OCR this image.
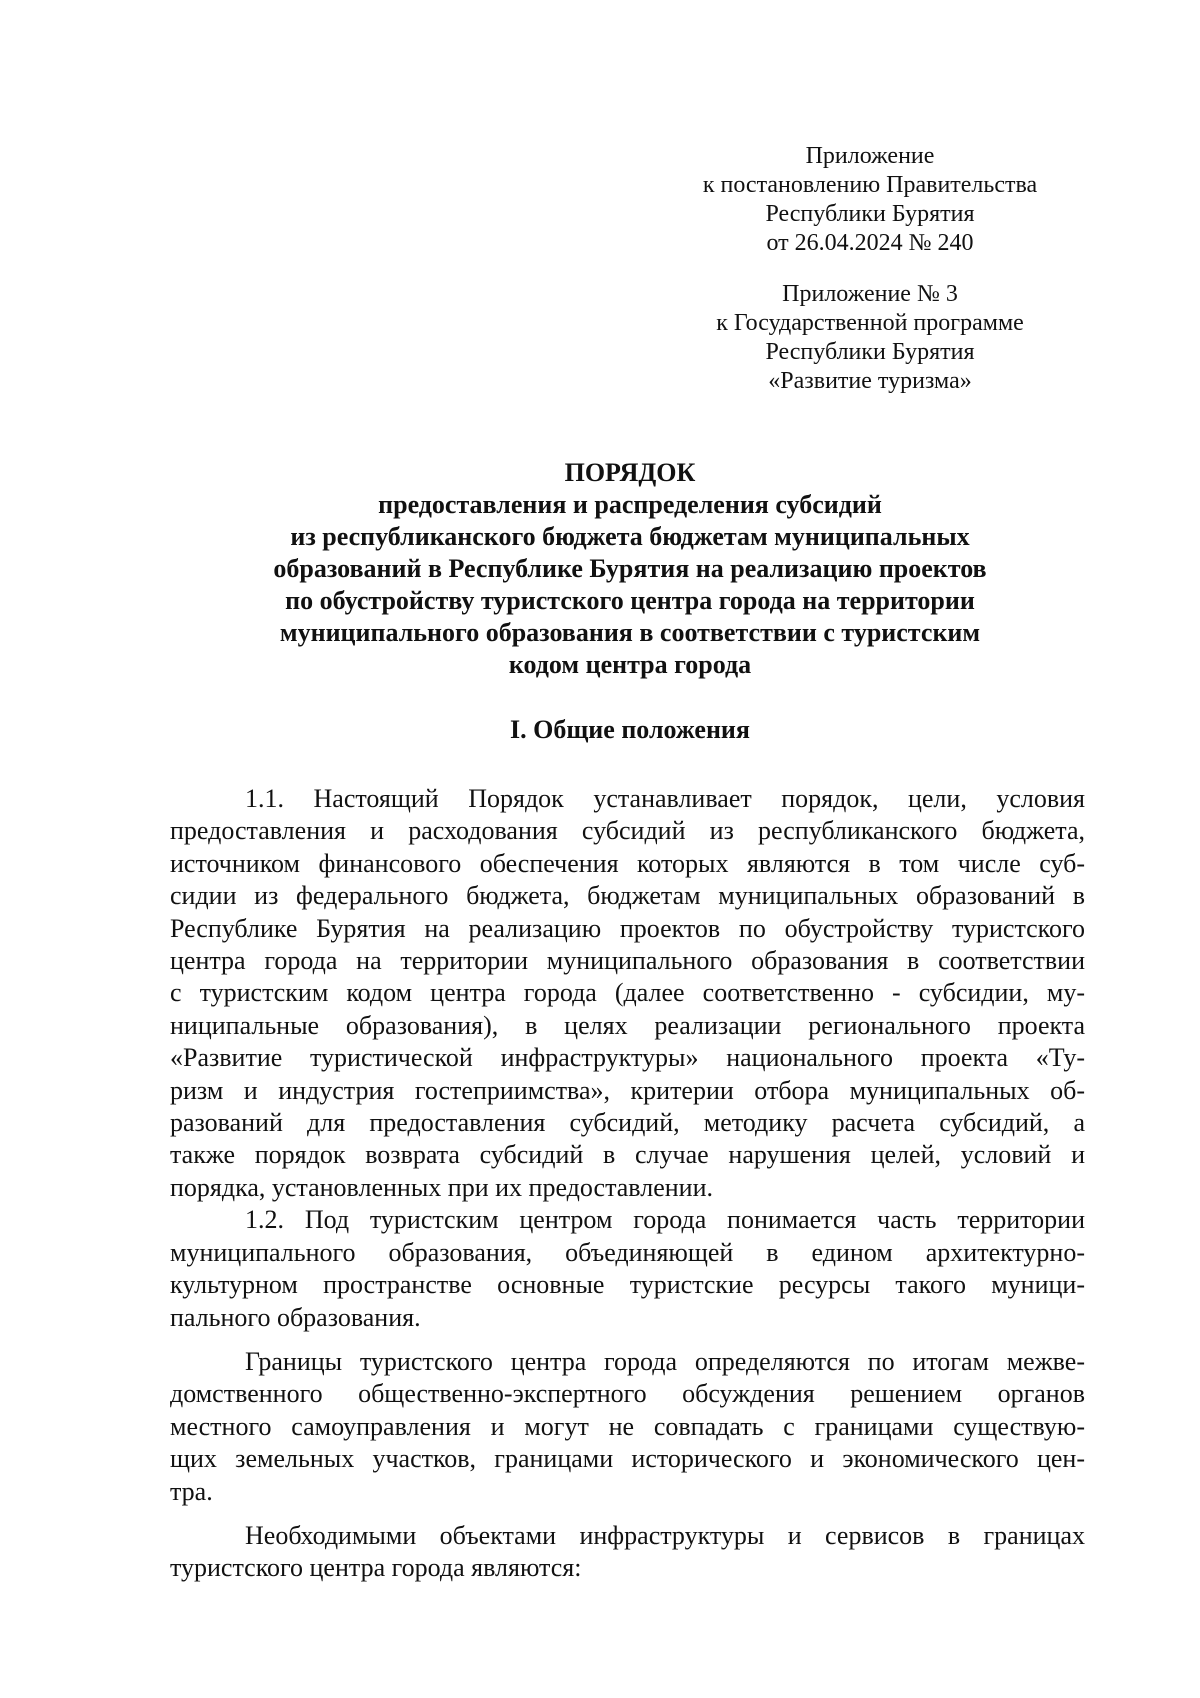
Приложение
к постановлению Правительства
Республики Бурятия
от 26.04.2024 № 240
Приложение № 3
к Государственной программе
Республики Бурятия
«Развитие туризма»
ПОРЯДОК
предоставления и распределения субсидий
из республиканского бюджета бюджетам муниципальных
образований в Республике Бурятия на реализацию проектов
по обустройству туристского центра города на территории
муниципального образования в соответствии с туристским
кодом центра города
I. Общие положения
1.1. Настоящий Порядок устанавливает порядок, цели, условия
предоставления и расходования субсидий из республиканского бюджета,
источником финансового обеспечения которых являются в том числе суб-
сидии из федерального бюджета, бюджетам муниципальных образований в
Республике Бурятия на реализацию проектов по обустройству туристского
центра города на территории муниципального образования в соответствии
с туристским кодом центра города (далее соответственно - субсидии, му-
ниципальные образования), в целях реализации регионального проекта
«Развитие туристической инфраструктуры» национального проекта «Ту-
ризм и индустрия гостеприимства», критерии отбора муниципальных об-
разований для предоставления субсидий, методику расчета субсидий, а
также порядок возврата субсидий в случае нарушения целей, условий и
порядка, установленных при их предоставлении.
1.2. Под туристским центром города понимается часть территории
муниципального образования, объединяющей в едином архитектурно-
культурном пространстве основные туристские ресурсы такого муници-
пального образования.
Границы туристского центра города определяются по итогам межве-
домственного общественно-экспертного обсуждения решением органов
местного самоуправления и могут не совпадать с границами существую-
щих земельных участков, границами исторического и экономического цен-
тра.
Необходимыми объектами инфраструктуры и сервисов в границах
туристского центра города являются:
